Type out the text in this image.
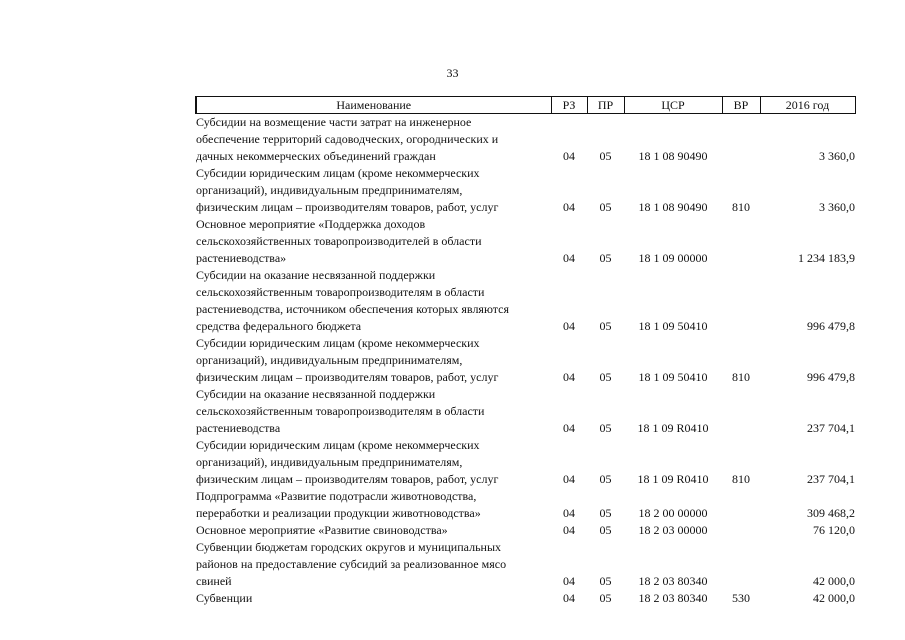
33
Наименование	РЗ	ПР	ЦСР	ВР	2016 год

Субсидии на возмещение части затрат на инженерное
обеспечение территорий садоводческих, огороднических и
дачных некоммерческих объединений граждан	04	05	18 1 08 90490		3 360,0

Субсидии юридическим лицам (кроме некоммерческих
организаций), индивидуальным предпринимателям,
физическим лицам – производителям товаров, работ, услуг	04	05	18 1 08 90490	810	3 360,0

Основное мероприятие «Поддержка доходов
сельскохозяйственных товаропроизводителей в области
растениеводства»	04	05	18 1 09 00000		1 234 183,9

Субсидии на оказание несвязанной поддержки
сельскохозяйственным товаропроизводителям в области
растениеводства, источником обеспечения которых являются
средства федерального бюджета	04	05	18 1 09 50410		996 479,8

Субсидии юридическим лицам (кроме некоммерческих
организаций), индивидуальным предпринимателям,
физическим лицам – производителям товаров, работ, услуг	04	05	18 1 09 50410	810	996 479,8

Субсидии на оказание несвязанной поддержки
сельскохозяйственным товаропроизводителям в области
растениеводства	04	05	18 1 09 R0410		237 704,1

Субсидии юридическим лицам (кроме некоммерческих
организаций), индивидуальным предпринимателям,
физическим лицам – производителям товаров, работ, услуг	04	05	18 1 09 R0410	810	237 704,1

Подпрограмма «Развитие подотрасли животноводства,
переработки и реализации продукции животноводства»	04	05	18 2 00 00000		309 468,2

Основное мероприятие «Развитие свиноводства»	04	05	18 2 03 00000		76 120,0

Субвенции бюджетам городских округов и муниципальных
районов на предоставление субсидий за реализованное мясо
свиней	04	05	18 2 03 80340		42 000,0

Субвенции	04	05	18 2 03 80340	530	42 000,0
